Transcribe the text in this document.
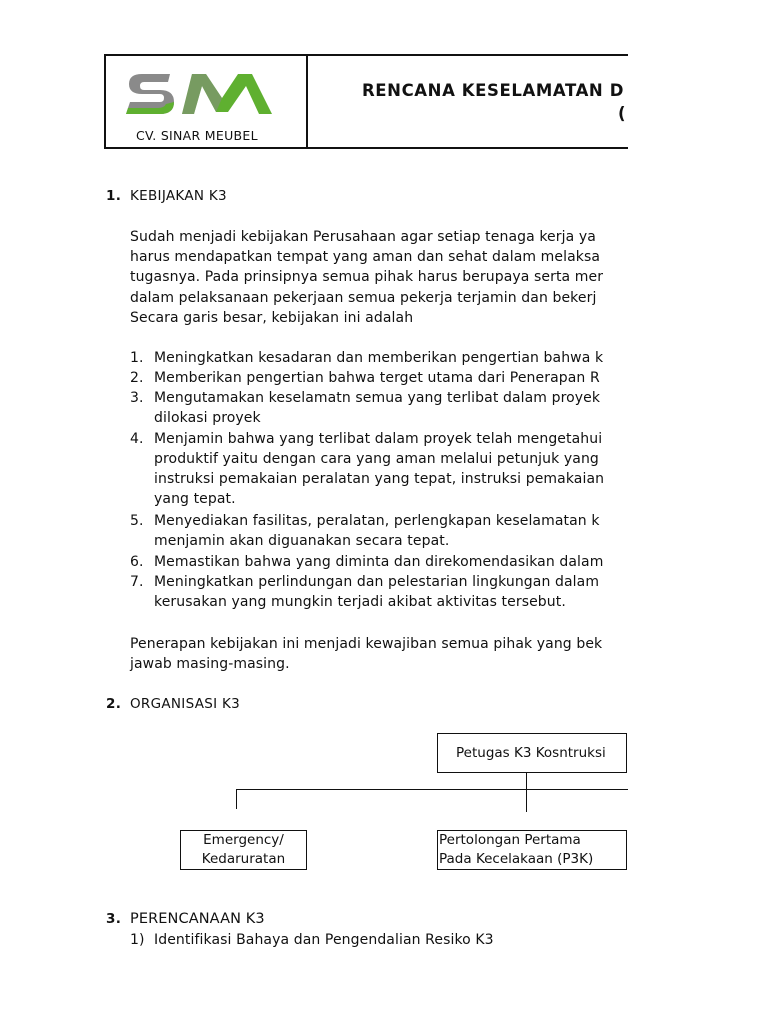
CV. SINAR MEUBEL
RENCANA KESELAMATAN D
(
1. KEBIJAKAN K3
Sudah menjadi kebijakan Perusahaan agar setiap tenaga kerja ya
harus mendapatkan tempat yang aman dan sehat dalam melaksa
tugasnya. Pada prinsipnya semua pihak harus berupaya serta mer
dalam pelaksanaan pekerjaan semua pekerja terjamin dan bekerj
Secara garis besar, kebijakan ini adalah
1. Meningkatkan kesadaran dan memberikan pengertian bahwa k
2. Memberikan pengertian bahwa terget utama dari Penerapan R
3. Mengutamakan keselamatn semua yang terlibat dalam proyek
dilokasi proyek
4. Menjamin bahwa yang terlibat dalam proyek telah mengetahui
produktif yaitu dengan cara yang aman melalui petunjuk yang
instruksi pemakaian peralatan yang tepat, instruksi pemakaian
yang tepat.
5. Menyediakan fasilitas, peralatan, perlengkapan keselamatan k
menjamin akan diguanakan secara tepat.
6. Memastikan bahwa yang diminta dan direkomendasikan dalam
7. Meningkatkan perlindungan dan pelestarian lingkungan dalam
kerusakan yang mungkin terjadi akibat aktivitas tersebut.
Penerapan kebijakan ini menjadi kewajiban semua pihak yang bek
jawab masing-masing.
2. ORGANISASI K3
Petugas K3 Kosntruksi
Emergency/
Kedaruratan
Pertolongan Pertama
Pada Kecelakaan (P3K)
3. PERENCANAAN K3
1) Identifikasi Bahaya dan Pengendalian Resiko K3
